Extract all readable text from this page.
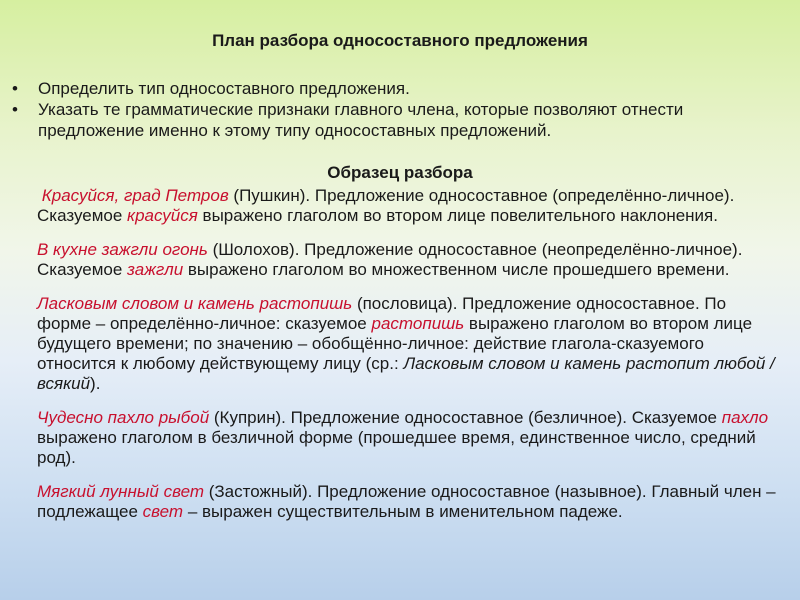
План разбора односоставного предложения
• Определить тип односоставного предложения.
• Указать те грамматические признаки главного члена, которые позволяют отнести предложение именно к этому типу односоставных предложений.
Образец разбора

Красуйся, град Петров (Пушкин). Предложение односоставное (определённо-личное). Сказуемое красуйся выражено глаголом во втором лице повелительного наклонения.

В кухне зажгли огонь (Шолохов). Предложение односоставное (неопределённо-личное). Сказуемое зажгли выражено глаголом во множественном числе прошедшего времени.

Ласковым словом и камень растопишь (пословица). Предложение односоставное. По форме – определённо-личное: сказуемое растопишь выражено глаголом во втором лице будущего времени; по значению – обобщённо-личное: действие глагола-сказуемого относится к любому действующему лицу (ср.: Ласковым словом и камень растопит любой / всякий).

Чудесно пахло рыбой (Куприн). Предложение односоставное (безличное). Сказуемое пахло выражено глаголом в безличной форме (прошедшее время, единственное число, средний род).

Мягкий лунный свет (Застожный). Предложение односоставное (назывное). Главный член – подлежащее свет – выражен существительным в именительном падеже.
